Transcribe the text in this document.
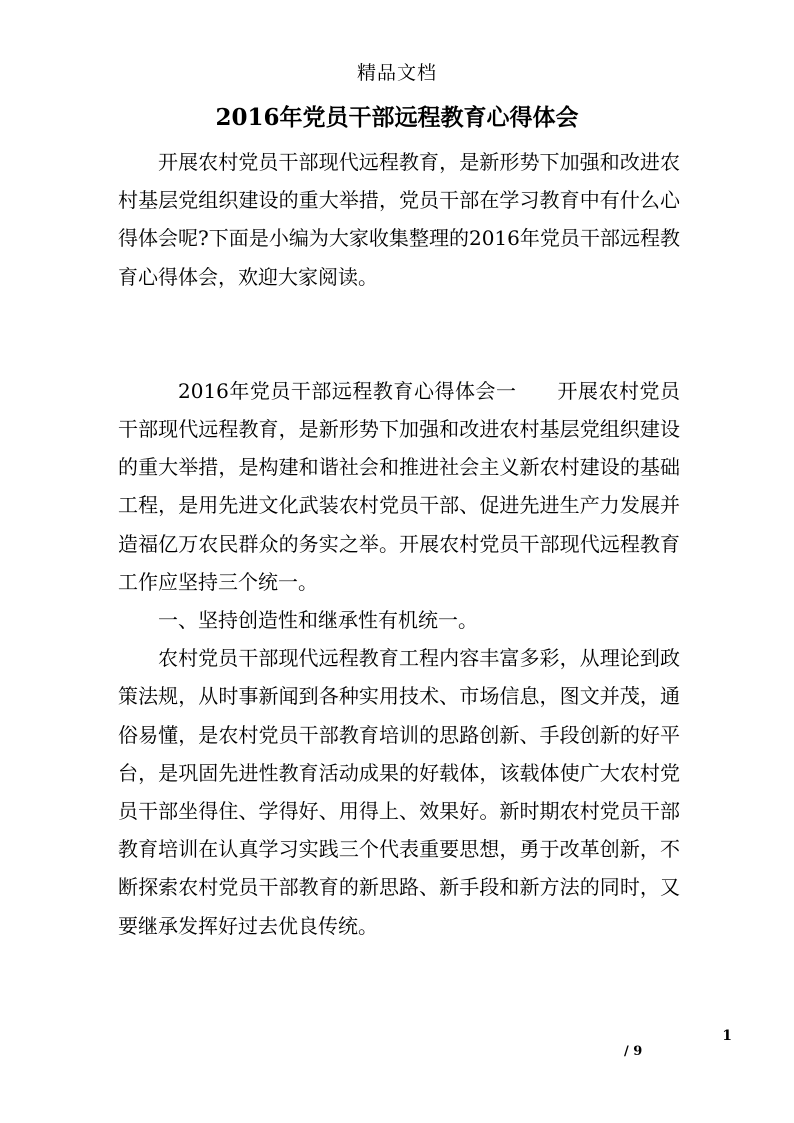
精品文档
2016年党员干部远程教育心得体会

开展农村党员干部现代远程教育，是新形势下加强和改进农村基层党组织建设的重大举措，党员干部在学习教育中有什么心得体会呢?下面是小编为大家收集整理的2016年党员干部远程教育心得体会，欢迎大家阅读。

2016年党员干部远程教育心得体会一　　开展农村党员干部现代远程教育，是新形势下加强和改进农村基层党组织建设的重大举措，是构建和谐社会和推进社会主义新农村建设的基础工程，是用先进文化武装农村党员干部、促进先进生产力发展并造福亿万农民群众的务实之举。开展农村党员干部现代远程教育工作应坚持三个统一。

一、坚持创造性和继承性有机统一。

农村党员干部现代远程教育工程内容丰富多彩，从理论到政策法规，从时事新闻到各种实用技术、市场信息，图文并茂，通俗易懂，是农村党员干部教育培训的思路创新、手段创新的好平台，是巩固先进性教育活动成果的好载体，该载体使广大农村党员干部坐得住、学得好、用得上、效果好。新时期农村党员干部教育培训在认真学习实践三个代表重要思想，勇于改革创新，不断探索农村党员干部教育的新思路、新手段和新方法的同时，又要继承发挥好过去优良传统。

1
/ 9
